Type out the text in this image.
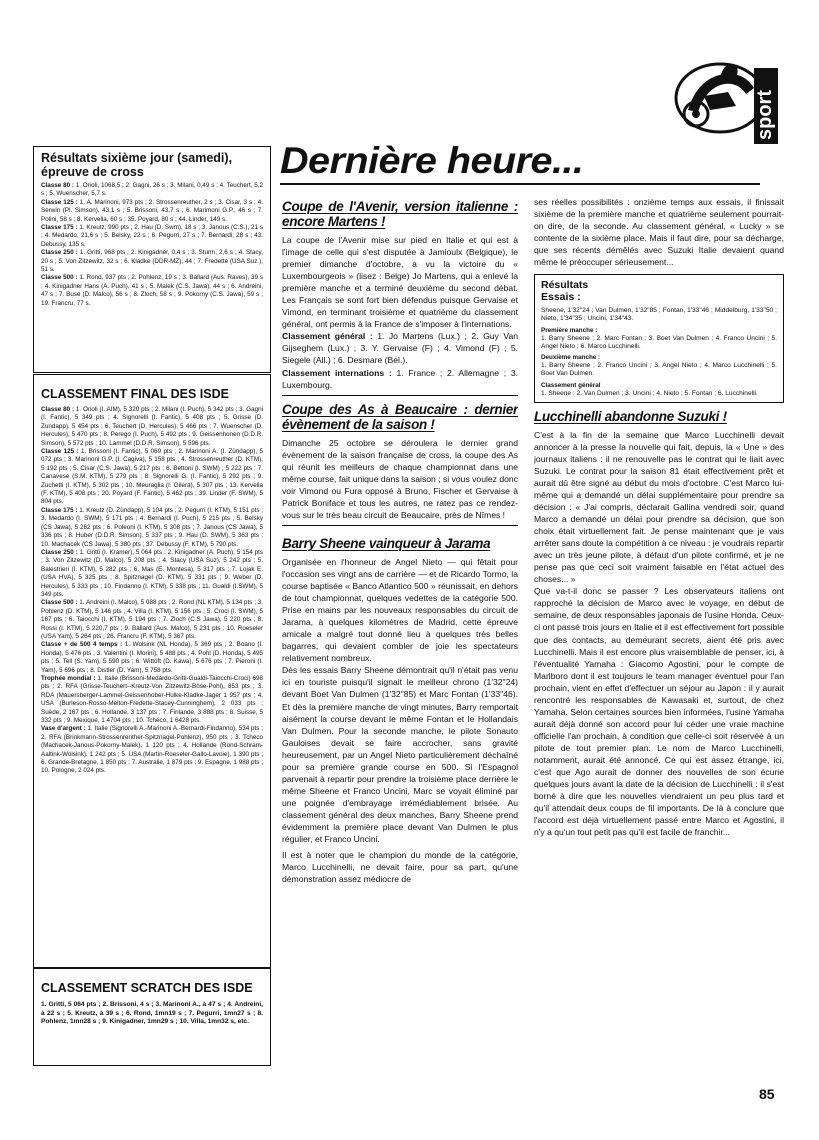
sport
Résultats sixième jour (samedi), épreuve de cross

Classe 80 : 1. Orioli, 1068,5 ; 2. Gagni, 26 s ; 3. Milani, 0,49 s ; 4. Teuchert, 5,2 s ; 5. Wuenscher, 5,7 s.

Classe 125 : 1. A. Marinoni, 973 pts ; 2. Strossenreuther, 2 s ; 3. Cisar, 3 s ; 4. Serwin (Pl. Simson), 43,1 s ; 5. Brissoni, 43,7 s ; 6. Marimoni G.P., 46 s ; 7. Polini, 58 s ; 8. Kervella, 60 s ; 35. Poyard, 80 s ; 44. Linder, 149 s.

Classe 175 : 1. Kreutz, 990 pts ; 2. Hau (D. Swm), 18 s ; 3. Janous (C.S.), 21 s ; 4. Medardo, 21,6 s ; 5. Belsky, 22 s ; 6. Pegurri, 27 s ; 7. Bernardi, 28 s ; 43. Debussy, 135 s.

Classe 250 : 1. Gritti, 968 pts ; 2. Kinigadner, 0,4 s ; 3. Sturm, 2,6 s ; 4. Stacy, 20 s ; 5. Von Zitzewitz, 32 s ; 6. Kladke (DDR-MZ), 44 ; 7. Fredette (USA Suz.), 51 s.

Classe 500 : 1. Rond, 937 pts ; 2. Pohlenz, 19 s ; 3. Ballard (Aus. Raves), 39 s ; 4. Kinigadner Hans (A. Puch), 41 s ; 5. Malek (C.S. Jawa), 44 s ; 6. Andreini, 47 s ; 7. Buse (D. Malco), 56 s ; 8. Zloch, 58 s ; 9. Pokorny (C.S. Jawa), 59 s ; 19. Francru, 77 s.

CLASSEMENT FINAL DES ISDE

Classe 80 : 1. Orioli (I. AIM), 5 320 pts ; 2. Milani (I. Puch), 5 342 pts ; 3. Gagni (I. Fantic), 5 349 pts ; 4. Signorelli (I. Fantic), 5 408 pts ; 5. Grisse (D. Zundapp), 5 454 pts ; 6. Teuchert (D. Hercules), 5 466 pts ; 7. Wuenscher (D. Hercules), 5 470 pts ; 8. Perego (I. Puch), 5 492 pts ; 9. Geissenhonen (D.D.R. Simson), 5 572 pts ; 10. Lammel (D.D.R. Simson), 5 596 pts.

Classe 125 : 1. Brissoni (I. Fantic), 5 069 pts ; 2. Marinoni A. (I. Zündapp), 5 072 pts ; 3. Marinoni G.P. (I. Cagiva), 5 158 pts ; 4. Strossenreuther (D. KTM), 5 192 pts ; 5. Cisar (C.S. Jawa), 5 217 pts ; 6. Bettoni (I. SWM) ; 5 222 pts ; 7. Canavese (S.M. KTM), 5 279 pts ; 8. Signorelli G. (I. Fantic), 5 292 pts ; 9. Zuchetti (I. KTM), 5 302 pts ; 10. Meuraglia (I. Gilera), 5 307 pts ; 13. Kervella (F. KTM), 5 408 pts ; 20. Poyard (F. Fantic), 5 462 pts ; 39. Linder (F. SWM), 5 804 pts.

Classe 175 : 1. Kreutz (D. Zündapp), 5 104 pts ; 2. Pegurri (I. KTM), 5 151 pts ; 3. Medardo (I. SWM), 5 171 pts ; 4. Bernardi (I. Puch), 5 215 pts ; 5. Belsky (CS Jawa), 5 262 pts ; 6. Poleoni (I. KTM), 5 308 pts ; 7. Janous (CS Jawa), 5 336 pts ; 8. Huber (D.D.R. Simson), 5 337 pts ; 9. Hau (D. SWM), 5 363 pts ; 10. Machacek (CS Jawa), 5 380 pts ; 37. Debussy (F. KTM), 5 790 pts.

Classe 250 : 1. Gritti (I. Kramer), 5 064 pts ; 2. Kinigadner (A. Puch), 5 154 pts ; 3. Von Zitzewitz (D. Malco), 5 208 pts ; 4. Stacy (USA Suz), 5 242 pts ; 5. Balestrieri (I. KTM), 5 282 pts ; 6. Mas (E. Montesa), 5 317 pts ; 7. Lojak E. (USA HVA), 5 325 pts ; 8. Spitznagel (D. KTM), 5 331 pts ; 9. Weber (D. Hercules), 5 333 pts ; 10. Findanno (I. KTM), 5 338 pts ; 11. Gualdi (I.SWM), 5 349 pts.

Classe 500 : 1. Andreini (I. Malco), 5 088 pts ; 2. Rond (NL KTM), 5 134 pts ; 3. Pohlenz (D. KTM), 5 146 pts ; 4. Villa (I. KTM), 5 156 pts ; 5. Croci (I. SWM), 5 167 pts ; 6. Taiocchi (I. KTM), 5 194 pts ; 7. Zloch (C.S Jawa), 5 220 pts ; 8. Rossi (I. KTM), 5 220,7 pts ; 9. Ballard (Aus. Malco), 5 231 pts ; 10. Roeseler (USA Yam), 5 264 pts ; 26. Francru (F. KTM), 5 367 pts.

Classe + de 500 4 temps : 1. Wolsink (NL Honda), 5 369 pts ; 2. Boano (I. Honda), 5 476 pts ; 3. Valentini (I. Morini), 5 488 pts ; 4. Pohl (D. Honda), 5 495 pts ; 5. Tell (S. Yam), 5 590 pts ; 6. Wittöft (D. Kawa), 5 676 pts ; 7. Pieroni (I. Yam), 5 696 pts ; 8. Distler (D. Yam), 5 758 pts.

Trophée mondial : 1. Italie (Brissoni-Medardo-Gritti-Gualdi-Taiocchi-Croci) 698 pts ; 2. RFA (Grisse-Teuchert--Kreutz-Von Zitzewitz-Böse-Pohl), 853 pts ; 3. RDA (Mauersberger-Lammel-Geissenhober-Hulke-Kladke-Jager 1 957 pts ; 4. USA (Burleson-Rosso-Melton-Fredette-Stacey-Cunninghem), 2 033 pts ; Suède, 2 167 pts ; 6. Hollande, 3 137 pts ; 7. Finlande, 3 888 pts ; 8. Suisse, 5 332 pts ; 9. Mexique, 1 4704 pts ; 10. Tchéco, 1 6428 pts.

Vase d'argent : 1. Italie (Signorelli A.-Marinoni A.-Bernardi-Findanno), 534 pts ; 2. RFA (Brinkmann-Strossenrenther-Spitznagel-Pohlenz), 950 pts ; 3. Tchéco (Machacek-Janous-Pokorny-Malek), 1 120 pts ; 4. Hollande (Rond-Schram-Aaltink-Wolsink), 1 242 pts ; 5. USA (Martin-Roeseler-Gallo-Lavoie), 1 390 pts ; 6. Grande-Bretagne, 1 850 pts ; 7. Australie, 1 879 pts ; 9. Espagne, 1 988 pts ; 10. Pologne, 2 024 pts.

CLASSEMENT SCRATCH DES ISDE
1. Gritti, 5 064 pts ; 2. Brissoni, 4 s ; 3. Marinoni A., à 47 s ; 4. Andreini, à 22 s ; 5. Kreutz, à 39 s ; 6. Rond, 1mn19 s ; 7. Pegurri, 1mn27 s ; 8. Pohlenz, 1mn28 s ; 9. Kinigadner, 1mn29 s ; 10. Villa, 1mn32 s, etc.
Dernière heure...
Coupe de l'Avenir, version italienne : encore Martens !

La coupe de l'Avenir mise sur pied en Italie et qui est à l'image de celle qui s'est disputée à Jamioulx (Belgique), le premier dimanche d'octobre, a vu la victoire du « Luxembourgeois » (lisez : Belge) Jo Martens, qui a enlevé la première manche et a terminé deuxième du second débat. Les Français se sont fort bien défendus puisque Gervaise et Vimond, en terminant troisième et quatrième du classement général, ont permis à la France de s'imposer à l'internations.

Classement général : 1. Jo Martens (Lux.) ; 2. Guy Van Gijseghem (Lux.) ; 3. Y. Gervaise (F) ; 4. Vimond (F) ; 5. Siegele (All.) ; 6. Desmare (Bel.).

Classement internations : 1. France ; 2. Allemagne ; 3. Luxembourg.

Coupe des As à Beaucaire : dernier évènement de la saison !

Dimanche 25 octobre se déroulera le dernier grand évènement de la saison française de cross, la coupe des As qui réunit les meilleurs de chaque championnat dans une même course, fait unique dans la saison ; si vous voulez donc voir Vimond ou Fura opposé à Bruno, Fischer et Gervaise à Patrick Boniface et tous les autres, ne ratez pas ce rendez-vous sur le très beau circuit de Beaucaire, près de Nîmes !

Barry Sheene vainqueur à Jarama

Organisée en l'honneur de Angel Nieto — qui fêtait pour l'occasion ses vingt ans de carrière — et de Ricardo Tormo, la course baptisée « Banco Atlantico 500 » réunissait, en dehors de tout championnat, quelques vedettes de la catégorie 500. Prise en mains par les nouveaux responsables du circuit de Jarama, à quelques kilomètres de Madrid, cette épreuve amicale a malgré tout donné lieu à quelques très belles bagarres, qui devaient combler de joie les spectateurs relativement nombreux.

Dès les essais Barry Sheene démontrait qu'il n'était pas venu ici en touriste puisqu'il signait le meilleur chrono (1'32"24) devant Boet Van Dulmen (1'32"85) et Marc Fontan (1'33"46). Et dès la première manche de vingt minutes, Barry remportait aisément la course devant le même Fontan et le Hollandais Van Dulmen. Pour la seconde manche, le pilote Sonauto Gauloises devait se faire accrocher, sans gravité heureusement, par un Angel Nieto particulièrement déchaîné pour sa première grande course en 500. Si l'Espagnol parvenait à repartir pour prendre la troisième place derrière le même Sheene et Franco Uncini, Marc se voyait éliminé par une poignée d'embrayage irrémédiablement brisée. Au classement général des deux manches, Barry Sheene prend évidemment la première place devant Van Dulmen le plus régulier, et Franco Uncini.

Il est à noter que le champion du monde de la catégorie, Marco Lucchinelli, ne devait faire, pour sa part, qu'une démonstration assez médiocre de

ses réelles possibilités : onzième temps aux essais, il finissait sixième de la première manche et quatrième seulement pourrait-on dire, de la seconde. Au classement général, « Lucky » se contente de la sixième place. Mais il faut dire, pour sa décharge, que ses récents démêlés avec Suzuki Italie devaient quand même le préoccuper sérieusement...

Résultats
Essais :
Sheene, 1'32"24 ; Van Dulmen, 1'32"85 ; Fontan, 1'33"46 ; Middelburg, 1'33"50 ; Nieto, 1'34"35 ; Uncini, 1'34"43.
Première manche :
1. Barry Sheene ; 2. Marc Fontan ; 3. Boet Van Dulmen ; 4. Franco Uncini ; 5. Angel Nieto ; 6. Marco Lucchinelli.
Deuxième manche :
1. Barry Sheene ; 2. Franco Uncini ; 3. Angel Nieto ; 4. Marco Lucchinelli ; 5. Boet Van Dulmen.
Classement général
1. Sheene ; 2. Van Dulmen ; 3. Uncini ; 4. Nieto ; 5. Fontan ; 6. Lucchinelli.
Lucchinelli abandonne Suzuki !

C'est à la fin de la semaine que Marco Lucchinelli devait annoncer à la presse la nouvelle qui fait, depuis, la « Une » des journaux italiens : il ne renouvelle pas le contrat qui le liait avec Suzuki. Le contrat pour la saison 81 était effectivement prêt et aurait dû être signé au début du mois d'octobre. C'est Marco lui-même qui a demandé un délai supplémentaire pour prendre sa décision : « J'ai compris, déclarait Gallina vendredi soir, quand Marco a demandé un délai pour prendre sa décision, que son choix était virtuellement fait. Je pense maintenant que je vais arrêter sans doute la compétition à ce niveau : je voudrais repartir avec un très jeune pilote, à défaut d'un pilote confirmé, et je ne pense pas que ceci soit vraiment faisable en l'état actuel des choses... »

Que va-t-il donc se passer ? Les observateurs italiens ont rapproché la décision de Marco avec le voyage, en début de semaine, de deux responsables japonais de l'usine Honda. Ceux-ci ont passé trois jours en Italie et il est effectivement fort possible que des contacts, au demeurant secrets, aient été pris avec Lucchinelli. Mais il est encore plus vraisemblable de penser, ici, à l'éventualité Yamaha : Giacomo Agostini, pour le compte de Marlboro dont il est toujours le team manager éventuel pour l'an prochain, vient en effet d'effectuer un séjour au Japon : il y aurait rencontré les responsables de Kawasaki et, surtout, de chez Yamaha. Selon certaines sources bien informées, l'usine Yamaha aurait déjà donné son accord pour lui céder une vraie machine officielle l'an prochain, à condition que celle-ci soit réservée à un pilote de tout premier plan. Le nom de Marco Lucchinelli, notamment, aurait été annoncé. Ce qui est assez étrange, ici, c'est que Ago aurait de donner des nouvelles de son écurie quelques jours avant la date de la décision de Lucchinelli : il s'est borné à dire que les nouvelles viendraient un peu plus tard et qu'il attendait deux coups de fil importants. De là à conclure que l'accord est déjà virtuellement passé entre Marco et Agostini, il n'y a qu'un tout petit pas qu'il est facile de franchir...

85
